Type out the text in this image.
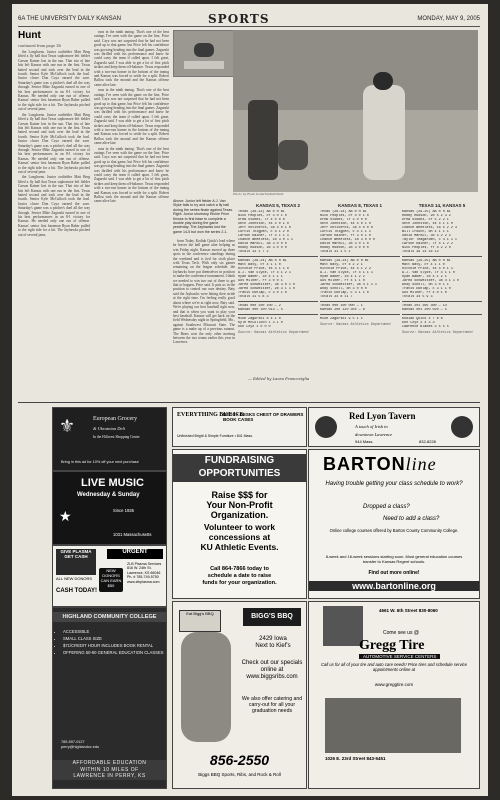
6A THE UNIVERSITY DAILY KANSAN	SPORTS	MONDAY, MAY 9, 2005
Hunt
continued from page 1B

the Longhorns. Junior outfielder Matt Berg lifted a fly ball that Texas sophomore left fielder Carson Kainer lost in the sun. That trio of late hits left Kansas with one run in the first. Texas batted second and took over the lead in the fourth. Senior Kyle McCulloch took the hurl. Junior closer Don Czyz earned the save. Saturday's game was a pitcher's duel all the way through. Senior Mike Zagurski turned in one of his best performances in an 8-1 victory for Kansas. He needed only one run of offense. Kansas' senior first baseman Ryan Baber pulled to the right side for a hit. The Jayhawks pitched out of several jams.

the Longhorns. Junior outfielder Matt Berg lifted a fly ball that Texas sophomore left fielder Carson Kainer lost in the sun. That trio of late hits left Kansas with one run in the first. Texas batted second and took over the lead in the fourth. Senior Kyle McCulloch took the hurl. Junior closer Don Czyz earned the save. Saturday's game was a pitcher's duel all the way through. Senior Mike Zagurski turned in one of his best performances in an 8-1 victory for Kansas. He needed only one run of offense. Kansas' senior first baseman Ryan Baber pulled to the right side for a hit. The Jayhawks pitched out of several jams.

the Longhorns. Junior outfielder Matt Berg lifted a fly ball that Texas sophomore left fielder Carson Kainer lost in the sun. That trio of late hits left Kansas with one run in the first. Texas batted second and took over the lead in the fourth. Senior Kyle McCulloch took the hurl. Junior closer Don Czyz earned the save. Saturday's game was a pitcher's duel all the way through. Senior Mike Zagurski turned in one of his best performances in an 8-1 victory for Kansas. He needed only one run of offense. Kansas' senior first baseman Ryan Baber pulled to the right side for a hit. The Jayhawks pitched out of several jams.

runs in the ninth inning. That's one of the best outings I've seen with the game on the line, Price said. Czyz was not surprised that he had not been good up to that game, but Price felt his confidence was growing heading into the final games. Zagurski was thrilled with his performance and knew he could carry the team if called upon. I felt great, Zagurski said. I was able to get a lot of first pitch strikes and keep them off-balance. Texas responded with a two-run homer in the bottom of the inning and Kansas was forced to settle for a split. Robert Ballou took the mound and the Kansas offense came alive late.

runs in the ninth inning. That's one of the best outings I've seen with the game on the line, Price said. Czyz was not surprised that he had not been good up to that game, but Price felt his confidence was growing heading into the final games. Zagurski was thrilled with his performance and knew he could carry the team if called upon. I felt great, Zagurski said. I was able to get a lot of first pitch strikes and keep them off-balance. Texas responded with a two-run homer in the bottom of the inning and Kansas was forced to settle for a split. Robert Ballou took the mound and the Kansas offense came alive late.

runs in the ninth inning. That's one of the best outings I've seen with the game on the line, Price said. Czyz was not surprised that he had not been good up to that game, but Price felt his confidence was growing heading into the final games. Zagurski was thrilled with his performance and knew he could carry the team if called upon. I felt great, Zagurski said. I was able to get a lot of first pitch strikes and keep them off-balance. Texas responded with a two-run homer in the bottom of the inning and Kansas was forced to settle for a split. Robert Ballou took the mound and the Kansas offense came alive late.

from Today, Kodiak Quick's lead where he leaves the ball game after helping us win Friday night. Kansas moved up three spots in the conference standings during the weekend and is tied for sixth place with Texas Tech. With only six games remaining on the league schedule, the Jayhawks have put themselves in position to make the conference tournament. I think we needed to win two out of three to get that to happen, Price said. It puts us in the position to control our own destiny. Baty said the Jayhawks were hitting their stride at the right time. I'm feeling really good about where we're at right now, Baty said. We're playing our best baseball right now, and that is when you want to play your best baseball. Kansas will get back on the field Wednesday night in Springfield, Mo., against Southwest Missouri State. The game is a make up of a previous rainout. The Bears won the only other meeting between the two teams earlier this year in Lawrence.

Photo by Ryan Soderlin/KANSAN
Above: Junior left fielder A.J. Van Slyke falls to try and catch a fly ball during the series finale against Texas. Right: Junior shortstop Richie Price throws to first base to complete a double play during the game yesterday. The Jayhawks lost the game 14-5 but won the series 2-1.
KANSAS 5, TEXAS 2
Texas (26-13) AB R H BI
Nick Peoples, cf 4 0 1 0
Drew Stubbs, lf 4 0 0 0
Seth Johnston, ss 4 0 1 0
Jeff Ontiveros, 3b 4 0 1 0
Curtis Thigpen, c 4 1 2 0
Carson Kainer, lf 4 1 1 1
Chance Wheeless, 1b 3 0 1 1
David Maroul, 3b 3 0 0 0
Robby Hudson, 2b 3 0 0 0
Totals 33 2 7 2
Kansas (28-24) AB R H BI
Matt Baty, cf 4 1 1 0
Ritchie Price, ss 4 1 1 0
A.J. Van Slyke, lf 4 1 2 1
Ryan Baber, 1b 4 1 1 1
Gus Milner, rf 3 0 0 1
Jared Schweitzer, 3b 3 0 1 0
Jared Schweitzer, 2b 3 1 1 0
Travis Dunlap, c 3 0 1 0
Totals 31 5 8 3
Texas 000 100 100 — 2
Kansas 000 100 013 — 5
Mike Zagurski 8 4 1 0
Kyle McCulloch 1 3 1 0
Don Czyz 1 0 0 0
Source: Kansas Athletics Department
KANSAS 8, TEXAS 1
Texas (26-14) AB R H BI
Nick Peoples, cf 4 0 1 0
Drew Stubbs, lf 3 0 0 0
Seth Johnston, ss 4 0 1 0
Jeff Ontiveros, 3b 4 0 0 0
Curtis Thigpen, c 4 1 1 1
Carson Kainer, rf 3 0 1 0
Chance Wheeless, 1b 3 0 0 0
David Maroul, 3b 3 0 1 0
Robby Hudson, 2b 3 0 0 0
Totals 31 1 5 1
Kansas (29-24) AB R H BI
Matt Baty, cf 4 2 2 1
Ritchie Price, ss 4 1 2 2
A.J. Van Slyke, lf 4 1 1 1
Ryan Baber, 1b 4 1 2 2
Gus Milner, rf 4 1 1 0
Jared Schweitzer, 3b 4 1 1 1
Andy Scholl, dh 3 0 0 0
Travis Dunlap, c 3 1 1 0
Totals 34 8 11 7
Texas 000 100 000 — 1
Kansas 200 120 30x — 8
Mike Zagurski 9 5 1 1
Source: Kansas Athletics Department
TEXAS 14, KANSAS 5
Kansas (29-25) AB R H BI
Robby Hudson, 2b 5 2 3 2
Drew Stubbs, cf 5 2 2 1
Seth Johnston, ss 4 1 1 0
Chance Wheeless, 1b 5 2 2 3
Will Crouch, dh 4 1 1 1
David Maroul, 3b 4 2 2 2
Taylor Teagarden, c 4 1 1 1
Carson Kainer, lf 4 1 2 2
Nick Peoples, rf 4 2 2 0
Totals 39 14 16 12
Kansas (29-25) AB R H BI
Matt Baty, cf 4 1 1 0
Ritchie Price, ss 4 0 1 1
A.J. Van Slyke, lf 4 1 1 0
Ryan Baber, 1b 4 1 2 1
Jared Schweitzer, 3b 4 1 1 0
Andy Scholl, dh 3 0 1 1
Travis Dunlap, c 3 1 1 0
Gus Milner, rf 4 0 1 0
Totals 34 5 9 3
Texas 201 305 300 — 14
Kansas 001 200 020 — 5
Kodiak Quick 4 7 6 6
Don Czyz 2 4 3 3
Lawrence Blades 3 5 5 5
Source: Kansas Athletics Department
— Edited by Laura Francoviglia
⚜	European Grocery
& Ukrainian Deli
In the Hillcrest Shopping Center
Bring in this ad for 10% off your next purchase
LIVE MUSIC
Wednesday & Sunday
★	Since 1936
1031 Massachusetts
GIVE PLASMA GET CASH
ALL NEW DONORS
CASH TODAY!
URGENT
NEW DONORS CAN EARN $50
ZLB Plasma Services 816 W. 24th St. Lawrence, KS 66046 Ph. # 785-749-5750 www.zlbplasma.com
HIGHLAND COMMUNITY COLLEGE
• ACCESSIBLE
• SMALL CLASS SIZE
• $71/CREDIT HOUR INCLUDES BOOK RENTAL
• OFFERING 50-60 GENERAL EDUCATION CLASSES
785-597-0127
perry@highlandcc.edu
AFFORDABLE EDUCATION
WITHIN 10 MILES OF
LAWRENCE IN PERRY, KS
EVERYTHING BUT ICE
BEDS • DESKS CHEST OF DRAWERS BOOK CASES
Unfinished Bright & Simple Furniture • 841 Mass.
Red Lyon Tavern
A touch of Irish in
downtown Lawrence
944 Mass.	832-8228
FUNDRAISING
OPPORTUNITIES
Raise $$$ for
Your Non-Profit
Organization.
Volunteer to work
concessions at
KU Athletic Events.
Call 864-7866 today to
schedule a date to raise
funds for your organization.
BARTONline
Having trouble getting your class schedule to work?
Dropped a class?
Need to add a class?
Online college courses offered by Barton County Community College.
8-week and 16-week sessions starting soon. Most general education courses transfer to Kansas Regent schools.
Find out more online!
www.bartonline.org
Eat Bigg's BBQ	BIGG'S BBQ
2429 Iowa
Next to Kief's
Check out our specials online at www.biggsribs.com
We also offer catering and carry-out for all your graduation needs
856-2550
Biggs BBQ Sports, Ribs, and Rock & Roll
4661 W. 6th Street 830-8060
Come see us @
Gregg Tire
AUTOMOTIVE SERVICE CENTERS
Call us for all of your tire and auto care needs! Price tires and schedule service appointments online at
www.greggtire.com
1026 E. 23rd Street 843-5451
